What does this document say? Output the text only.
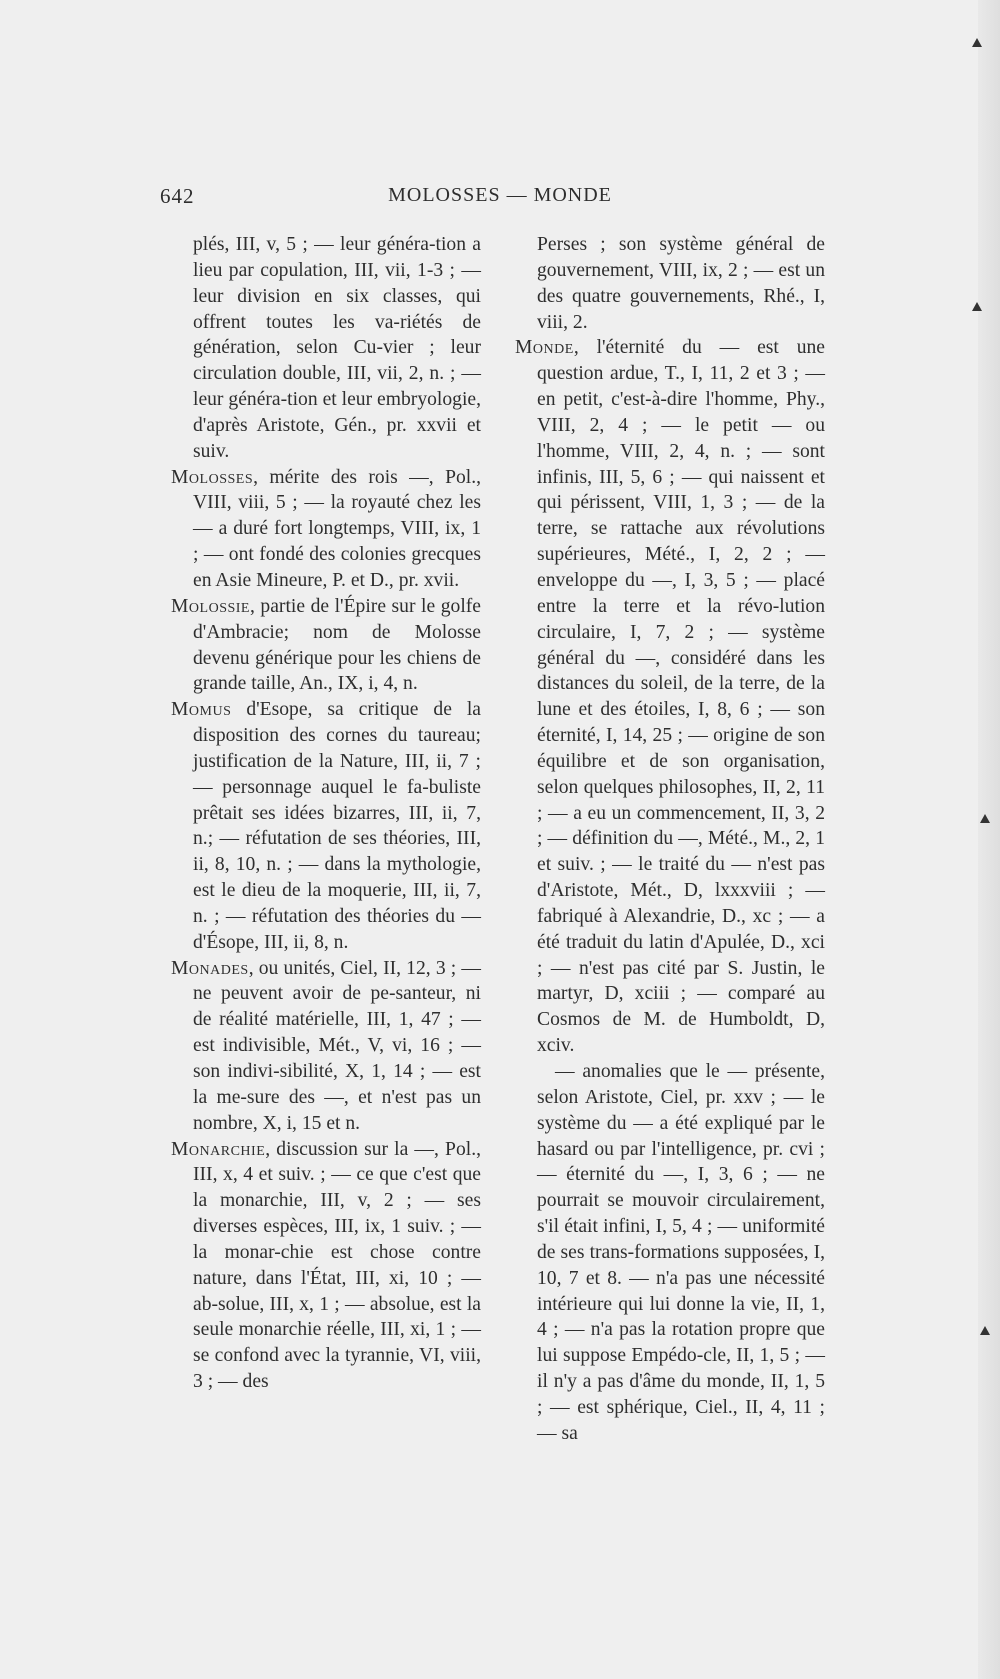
642	MOLOSSES — MONDE

plés, III, v, 5 ; — leur généra-tion a lieu par copulation, III, vii, 1-3 ; — leur division en six classes, qui offrent toutes les va-riétés de génération, selon Cu-vier ; leur circulation double, III, vii, 2, n. ; — leur généra-tion et leur embryologie, d'après Aristote, Gén., pr. xxvii et suiv.

Molosses, mérite des rois —, Pol., VIII, viii, 5 ; — la royauté chez les — a duré fort longtemps, VIII, ix, 1 ; — ont fondé des colonies grecques en Asie Mineure, P. et D., pr. xvii.

Molossie, partie de l'Épire sur le golfe d'Ambracie; nom de Molosse devenu générique pour les chiens de grande taille, An., IX, i, 4, n.

Momus d'Esope, sa critique de la disposition des cornes du taureau; justification de la Nature, III, ii, 7 ; — personnage auquel le fa-buliste prêtait ses idées bizarres, III, ii, 7, n.; — réfutation de ses théories, III, ii, 8, 10, n. ; — dans la mythologie, est le dieu de la moquerie, III, ii, 7, n. ; — réfutation des théories du — d'Ésope, III, ii, 8, n.

Monades, ou unités, Ciel, II, 12, 3 ; — ne peuvent avoir de pe-santeur, ni de réalité matérielle, III, 1, 47 ; — est indivisible, Mét., V, vi, 16 ; — son indivi-sibilité, X, 1, 14 ; — est la me-sure des —, et n'est pas un nombre, X, i, 15 et n.

Monarchie, discussion sur la —, Pol., III, x, 4 et suiv. ; — ce que c'est que la monarchie, III, v, 2 ; — ses diverses espèces, III, ix, 1 suiv. ; — la monar-chie est chose contre nature, dans l'État, III, xi, 10 ; — ab-solue, III, x, 1 ; — absolue, est la seule monarchie réelle, III, xi, 1 ; — se confond avec la tyrannie, VI, viii, 3 ; — des

Perses ; son système général de gouvernement, VIII, ix, 2 ; — est un des quatre gouvernements, Rhé., I, viii, 2.

Monde, l'éternité du — est une question ardue, T., I, 11, 2 et 3 ; — en petit, c'est-à-dire l'homme, Phy., VIII, 2, 4 ; — le petit — ou l'homme, VIII, 2, 4, n. ; — sont infinis, III, 5, 6 ; — qui naissent et qui périssent, VIII, 1, 3 ; — de la terre, se rattache aux révolutions supérieures, Mété., I, 2, 2 ; — enveloppe du —, I, 3, 5 ; — placé entre la terre et la révo-lution circulaire, I, 7, 2 ; — système général du —, considéré dans les distances du soleil, de la terre, de la lune et des étoiles, I, 8, 6 ; — son éternité, I, 14, 25 ; — origine de son équilibre et de son organisation, selon quelques philosophes, II, 2, 11 ; — a eu un commencement, II, 3, 2 ; — définition du —, Mété., M., 2, 1 et suiv. ; — le traité du — n'est pas d'Aristote, Mét., D, lxxxviii ; — fabriqué à Alexandrie, D., xc ; — a été traduit du latin d'Apulée, D., xci ; — n'est pas cité par S. Justin, le martyr, D, xciii ; — comparé au Cosmos de M. de Humboldt, D, xciv.

— anomalies que le — présente, selon Aristote, Ciel, pr. xxv ; — le système du — a été expliqué par le hasard ou par l'intelligence, pr. cvi ; — éternité du —, I, 3, 6 ; — ne pourrait se mouvoir circulairement, s'il était infini, I, 5, 4 ; — uniformité de ses trans-formations supposées, I, 10, 7 et 8. — n'a pas une nécessité intérieure qui lui donne la vie, II, 1, 4 ; — n'a pas la rotation propre que lui suppose Empédo-cle, II, 1, 5 ; — il n'y a pas d'âme du monde, II, 1, 5 ; — est sphérique, Ciel., II, 4, 11 ; — sa
